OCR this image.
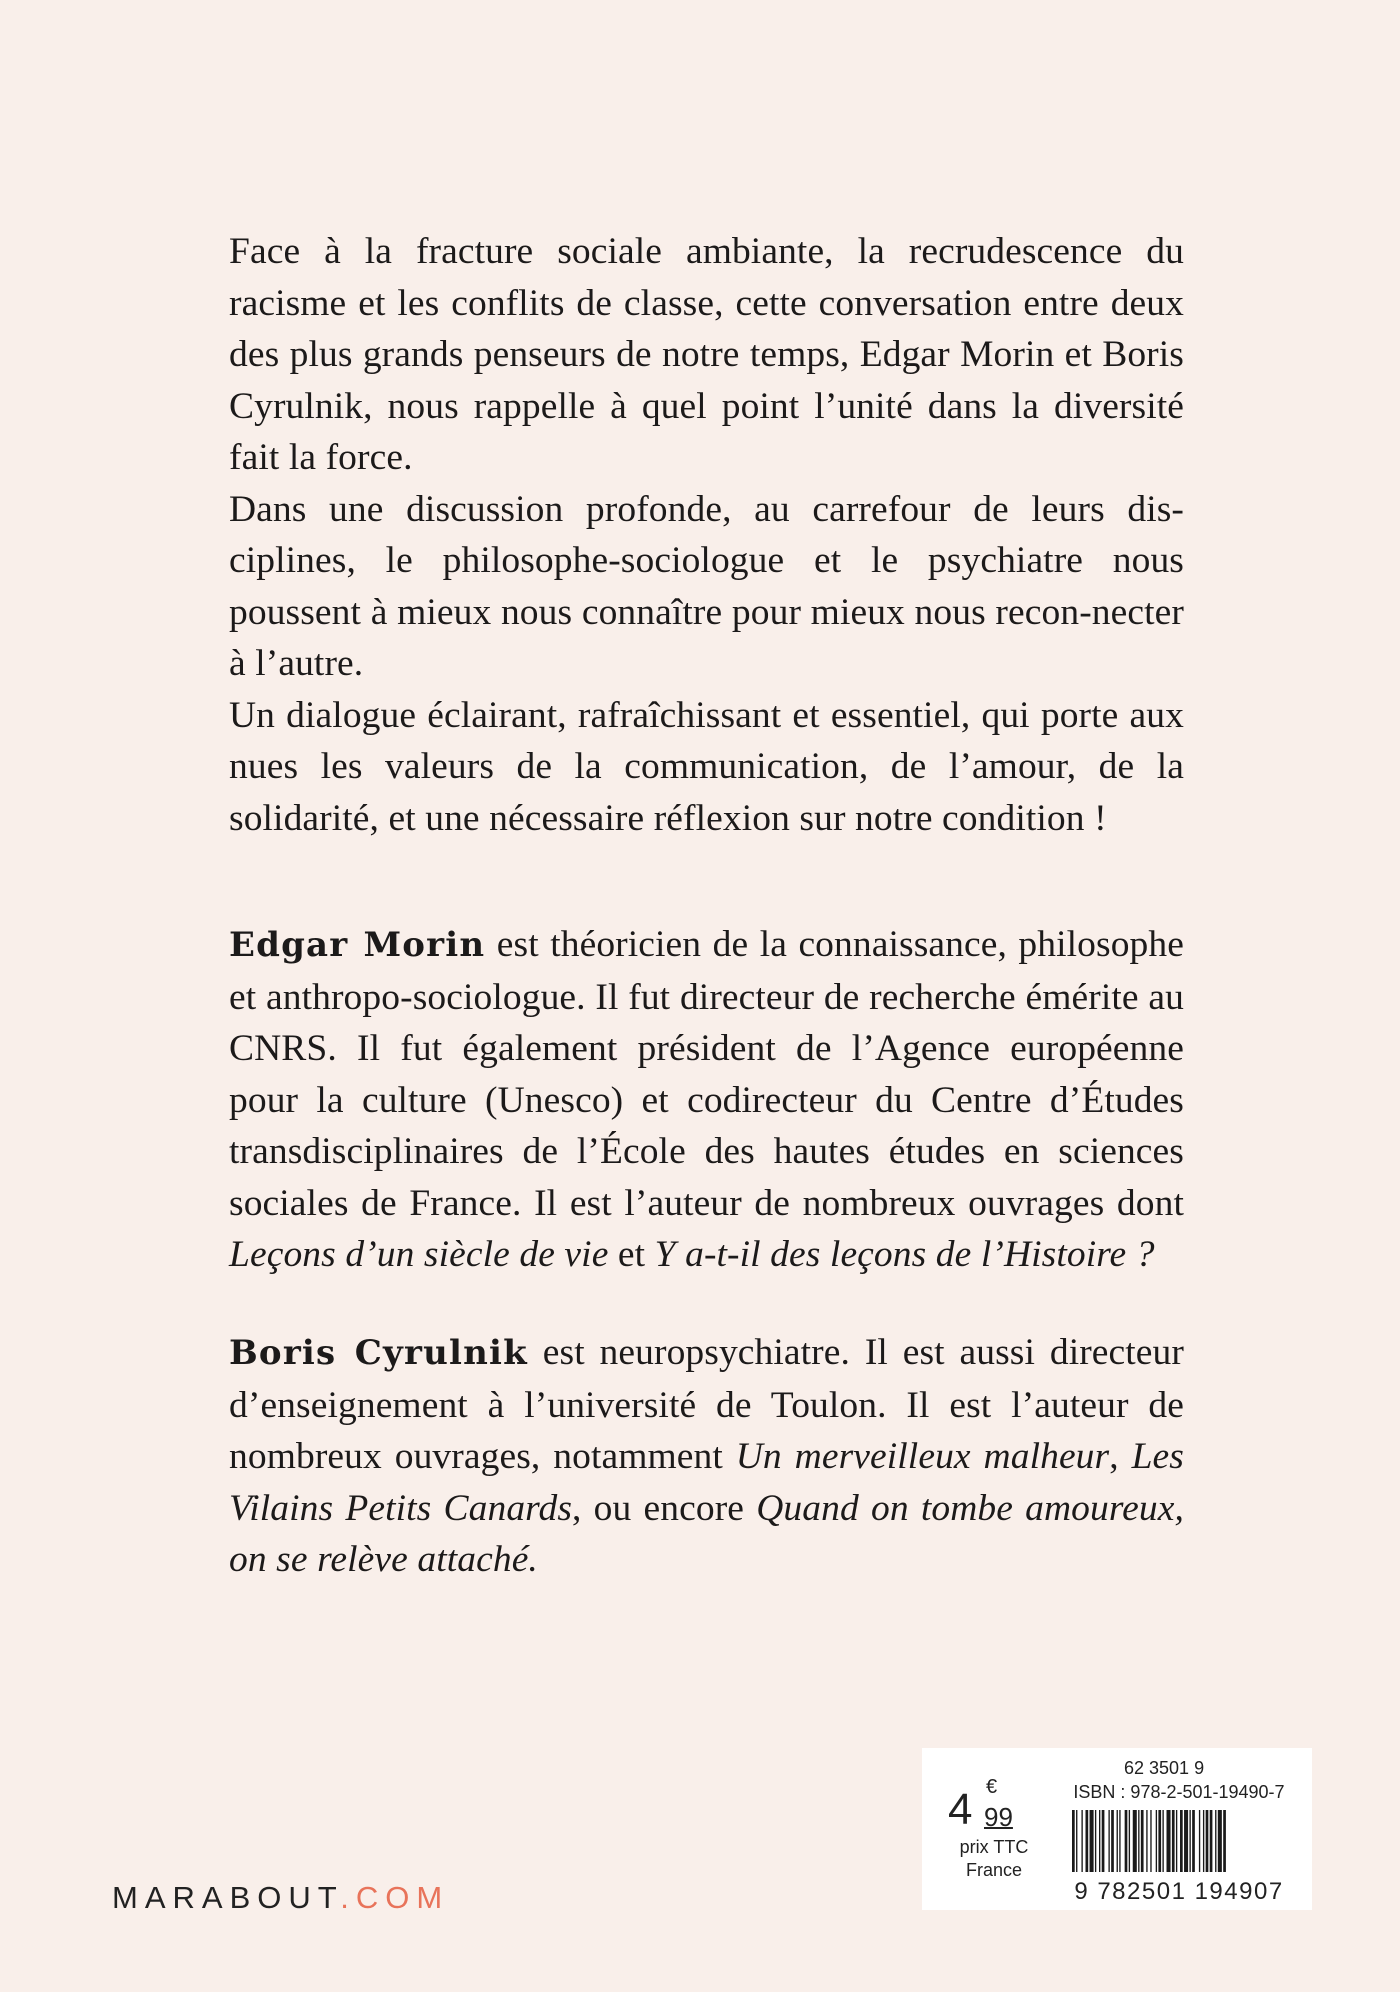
Face à la fracture sociale ambiante, la recrudescence du racisme et les conflits de classe, cette conversation entre deux des plus grands penseurs de notre temps, Edgar Morin et Boris Cyrulnik, nous rappelle à quel point l’unité dans la diversité fait la force.

Dans une discussion profonde, au carrefour de leurs dis-ciplines, le philosophe-sociologue et le psychiatre nous poussent à mieux nous connaître pour mieux nous recon-necter à l’autre.

Un dialogue éclairant, rafraîchissant et essentiel, qui porte aux nues les valeurs de la communication, de l’amour, de la solidarité, et une nécessaire réflexion sur notre condition !

Edgar Morin est théoricien de la connaissance, philosophe et anthropo-sociologue. Il fut directeur de recherche émérite au CNRS. Il fut également président de l’Agence européenne pour la culture (Unesco) et codirecteur du Centre d’Études transdisciplinaires de l’École des hautes études en sciences sociales de France. Il est l’auteur de nombreux ouvrages dont Leçons d’un siècle de vie et Y a-t-il des leçons de l’Histoire ?

Boris Cyrulnik est neuropsychiatre. Il est aussi directeur d’enseignement à l’université de Toulon. Il est l’auteur de nombreux ouvrages, notamment Un merveilleux malheur, Les Vilains Petits Canards, ou encore Quand on tombe amoureux, on se relève attaché.

MARABOUT.COM
€
4 99
prix TTC
France
62 3501 9
ISBN : 978-2-501-19490-7
9 782501 194907
